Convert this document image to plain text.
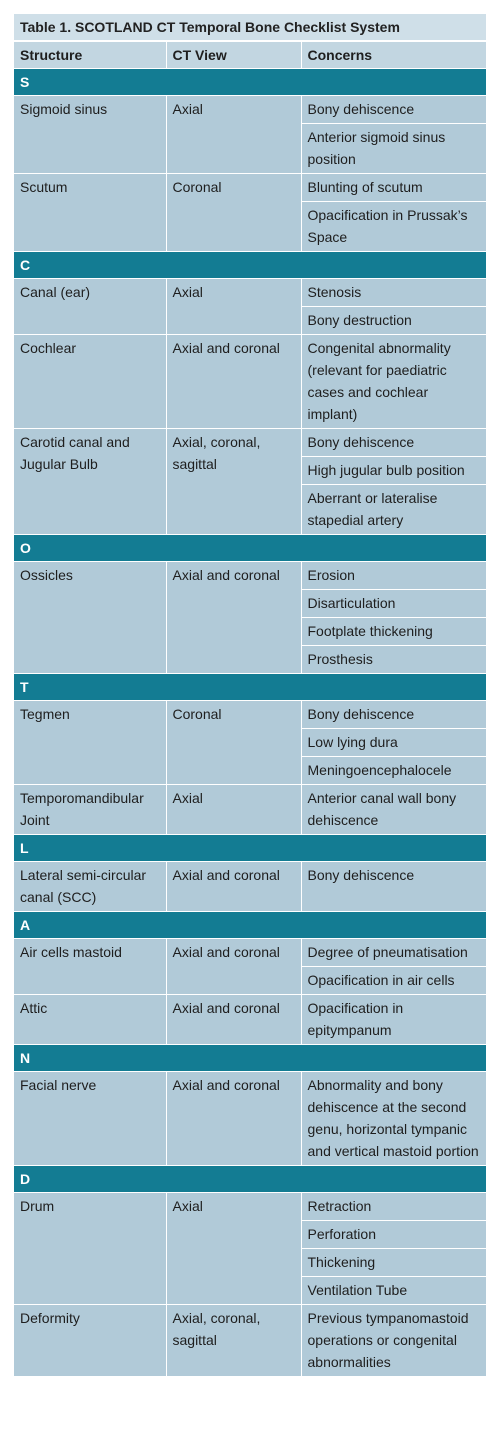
Table 1. SCOTLAND CT Temporal Bone Checklist System		
Structure	CT View	Concerns
S		
Sigmoid sinus	Axial	Bony dehiscence
		Anterior sigmoid sinus position
Scutum	Coronal	Blunting of scutum
		Opacification in Prussak’s Space
C		
Canal (ear)	Axial	Stenosis
		Bony destruction
Cochlear	Axial and coronal	Congenital abnormality (relevant for paediatric cases and cochlear implant)
Carotid canal and Jugular Bulb	Axial, coronal, sagittal	Bony dehiscence
		High jugular bulb position
		Aberrant or lateralise stapedial artery
O		
Ossicles	Axial and coronal	Erosion
		Disarticulation
		Footplate thickening
		Prosthesis
T		
Tegmen	Coronal	Bony dehiscence
		Low lying dura
		Meningoencephalocele
Temporomandibular Joint	Axial	Anterior canal wall bony dehiscence
L		
Lateral semi-circular canal (SCC)	Axial and coronal	Bony dehiscence
A		
Air cells mastoid	Axial and coronal	Degree of pneumatisation
		Opacification in air cells
Attic	Axial and coronal	Opacification in epitympanum
N		
Facial nerve	Axial and coronal	Abnormality and bony dehiscence at the second genu, horizontal tympanic and vertical mastoid portion
D		
Drum	Axial	Retraction
		Perforation
		Thickening
		Ventilation Tube
Deformity	Axial, coronal, sagittal	Previous tympanomastoid operations or congenital abnormalities
